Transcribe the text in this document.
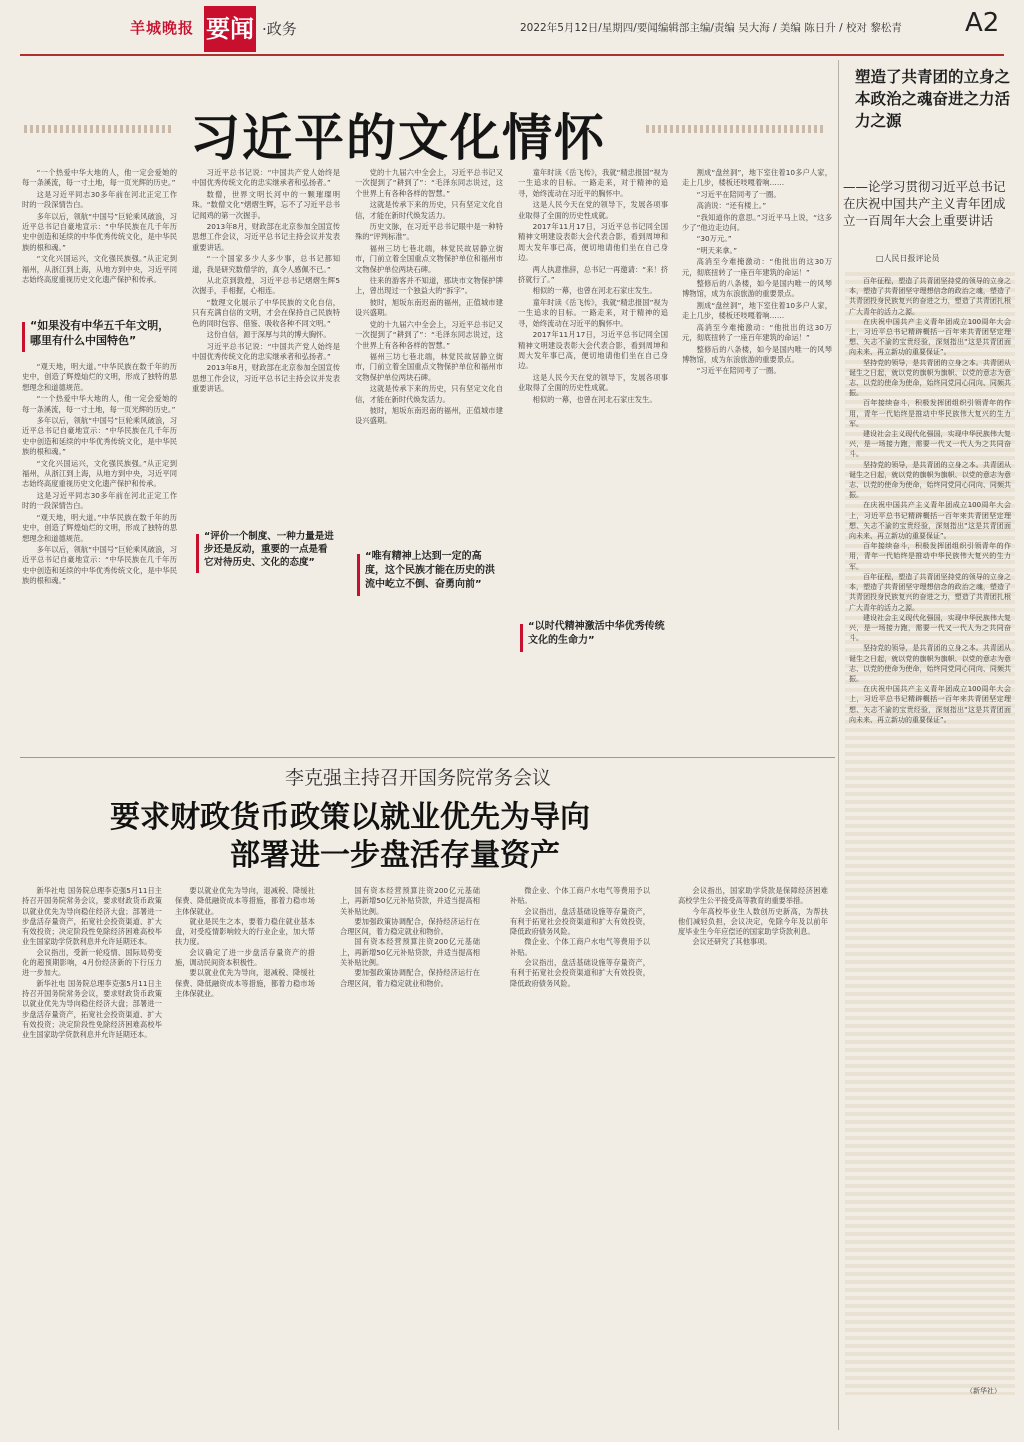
羊城晚报 要闻 ·政务	2022年5月12日/星期四/要闻编辑部主编/责编 吴大海 / 美编 陈日升 / 校对 黎松青 A2
习近平的文化情怀

“一个热爱中华大地的人，他一定会爱她的每一条溪流，每一寸土地，每一页光辉的历史。”

这是习近平同志30多年前在河北正定工作时的一段深情告白。

多年以后，领航“中国号”巨轮乘风破浪，习近平总书记自豪地宣示：“中华民族在几千年历史中创造和延续的中华优秀传统文化，是中华民族的根和魂。”

“文化兴国运兴，文化强民族强。”从正定到福州，从浙江到上海，从地方到中央，习近平同志始终高度重视历史文化遗产保护和传承。

“如果没有中华五千年文明，哪里有什么中国特色”

“观天地，明大道。”中华民族在数千年的历史中，创造了辉煌灿烂的文明，形成了独特的思想理念和道德规范。

“一个热爱中华大地的人，他一定会爱她的每一条溪流，每一寸土地，每一页光辉的历史。”

多年以后，领航“中国号”巨轮乘风破浪，习近平总书记自豪地宣示：“中华民族在几千年历史中创造和延续的中华优秀传统文化，是中华民族的根和魂。”

“文化兴国运兴，文化强民族强。”从正定到福州，从浙江到上海，从地方到中央，习近平同志始终高度重视历史文化遗产保护和传承。

这是习近平同志30多年前在河北正定工作时的一段深情告白。

“观天地，明大道。”中华民族在数千年的历史中，创造了辉煌灿烂的文明，形成了独特的思想理念和道德规范。

多年以后，领航“中国号”巨轮乘风破浪，习近平总书记自豪地宣示：“中华民族在几千年历史中创造和延续的中华优秀传统文化，是中华民族的根和魂。”

习近平总书记说：“中国共产党人始终是中国优秀传统文化的忠实继承者和弘扬者。”

数僧，世界文明长河中的一颗璀璨明珠。“数僧文化”熠熠生辉，忘不了习近平总书记闻鸡的第一次握手。

2013年8月，财政部在北京参加全国宣传思想工作会议，习近平总书记主持会议并发表重要讲话。

“一个国家多少人多少事，总书记都知道，我是研究数僧学的，真令人感佩不已。”

从北京到敦煌，习近平总书记熠熠生辉5次握手，手相握，心相连。

“数理文化展示了中华民族的文化自信，只有充满自信的文明，才会在保持自己民族特色的同时包容、借鉴、吸收各种不同文明。”

这份自信，源于深厚与共的博大胸怀。

习近平总书记说：“中国共产党人始终是中国优秀传统文化的忠实继承者和弘扬者。”

2013年8月，财政部在北京参加全国宣传思想工作会议，习近平总书记主持会议并发表重要讲话。

“评价一个制度、一种力量是进步还是反动，重要的一点是看它对待历史、文化的态度”

党的十九届六中全会上，习近平总书记又一次提到了“耕到了”：“毛泽东同志说过，这个世界上有各种各样的智慧。”

这就是传承下来的历史，只有坚定文化自信，才能在新时代焕发活力。

历史文脉，在习近平总书记眼中是一种特殊的“评判标准”。

福州三坊七巷北端，林觉民故居静立街市，门前立着全国重点文物保护单位和福州市文物保护单位两块石碑。

往来的游客并不知道，那块市文物保护牌上，曾出现过一个独益大的“拆字”。

彼时，旭坂东南迟南的福州，正值城市建设兴盛期。

党的十九届六中全会上，习近平总书记又一次提到了“耕到了”：“毛泽东同志说过，这个世界上有各种各样的智慧。”

福州三坊七巷北端，林觉民故居静立街市，门前立着全国重点文物保护单位和福州市文物保护单位两块石碑。

这就是传承下来的历史，只有坚定文化自信，才能在新时代焕发活力。

彼时，旭坂东南迟南的福州，正值城市建设兴盛期。

“唯有精神上达到一定的高度，这个民族才能在历史的洪流中屹立不倒、奋勇向前”

童年时读《岳飞传》，我就“精忠报国”视为一生追求的目标。一路走来，对于精神的追寻，始终流动在习近平的胸怀中。

这是人民今天在党的领导下，发展各项事业取得了全面的历史性成就。

2017年11月17日，习近平总书记同全国精神文明建设表彰大会代表合影，看到周坤和周大发年事已高，便切地请他们坐在自己身边。

两人执意推辞，总书记一再邀请：“来！挤挤就行了。”

相似的一幕，也曾在河北石家庄发生。

童年时读《岳飞传》，我就“精忠报国”视为一生追求的目标。一路走来，对于精神的追寻，始终流动在习近平的胸怀中。

2017年11月17日，习近平总书记同全国精神文明建设表彰大会代表合影，看到周坤和周大发年事已高，便切地请他们坐在自己身边。

这是人民今天在党的领导下，发展各项事业取得了全面的历史性成就。

相似的一幕，也曾在河北石家庄发生。

“以时代精神激活中华优秀传统文化的生命力”

割成“盘丝洞”，地下室住着10多户人家，走上几步，楼板还吱嘎着响……

“习近平在陪同考了一圈。

高消说：“还有楼上。”

“我知道你的意思。”习近平马上说，“这多少了”他边走边问。

“30万元。”

“明天来拿。”

高消至今难掩激动：“他批出的这30万元，彻底扭转了一座百年建筑的命运！”

整修后的八条楼，如今是国内唯一的风琴博物馆，成为东浪旅游的重要景点。

割成“盘丝洞”，地下室住着10多户人家，走上几步，楼板还吱嘎着响……

高消至今难掩激动：“他批出的这30万元，彻底扭转了一座百年建筑的命运！”

整修后的八条楼，如今是国内唯一的风琴博物馆，成为东浪旅游的重要景点。

“习近平在陪同考了一圈。

塑造了共青团的立身之本政治之魂奋进之力活力之源
——论学习贯彻习近平总书记在庆祝中国共产主义青年团成立一百周年大会上重要讲话
□人民日报评论员

百年征程，塑造了共青团坚持党的领导的立身之本，塑造了共青团坚守理想信念的政治之魂，塑造了共青团投身民族复兴的奋进之力，塑造了共青团扎根广大青年的活力之源。

在庆祝中国共产主义青年团成立100周年大会上，习近平总书记精辟概括一百年来共青团坚定理想、矢志不渝的宝贵经验，深刻指出“这是共青团面向未来、再立新功的重要保证”。

坚持党的领导，是共青团的立身之本。共青团从诞生之日起，就以党的旗帜为旗帜、以党的意志为意志、以党的使命为使命，始终同党同心同向、同频共振。

百年接续奋斗，积极发挥团组织引领青年的作用，青年一代始终是推动中华民族伟大复兴的生力军。

建设社会主义现代化强国，实现中华民族伟大复兴，是一场接力跑，需要一代又一代人为之共同奋斗。

坚持党的领导，是共青团的立身之本。共青团从诞生之日起，就以党的旗帜为旗帜、以党的意志为意志、以党的使命为使命，始终同党同心同向、同频共振。

在庆祝中国共产主义青年团成立100周年大会上，习近平总书记精辟概括一百年来共青团坚定理想、矢志不渝的宝贵经验，深刻指出“这是共青团面向未来、再立新功的重要保证”。

百年接续奋斗，积极发挥团组织引领青年的作用，青年一代始终是推动中华民族伟大复兴的生力军。

百年征程，塑造了共青团坚持党的领导的立身之本，塑造了共青团坚守理想信念的政治之魂，塑造了共青团投身民族复兴的奋进之力，塑造了共青团扎根广大青年的活力之源。

建设社会主义现代化强国，实现中华民族伟大复兴，是一场接力跑，需要一代又一代人为之共同奋斗。

坚持党的领导，是共青团的立身之本。共青团从诞生之日起，就以党的旗帜为旗帜、以党的意志为意志、以党的使命为使命，始终同党同心同向、同频共振。

在庆祝中国共产主义青年团成立100周年大会上，习近平总书记精辟概括一百年来共青团坚定理想、矢志不渝的宝贵经验，深刻指出“这是共青团面向未来、再立新功的重要保证”。

（新华社）
李克强主持召开国务院常务会议
要求财政货币政策以就业优先为导向
部署进一步盘活存量资产

新华社电 国务院总理李克强5月11日主持召开国务院常务会议，要求财政货币政策以就业优先为导向稳住经济大盘；部署进一步盘活存量资产，拓宽社会投资渠道、扩大有效投资；决定阶段性免除经济困难高校毕业生国家助学贷款利息并允许延期还本。

会议指出，受新一轮疫情、国际局势变化的超预期影响，4月份经济新的下行压力进一步加大。

新华社电 国务院总理李克强5月11日主持召开国务院常务会议，要求财政货币政策以就业优先为导向稳住经济大盘；部署进一步盘活存量资产，拓宽社会投资渠道、扩大有效投资；决定阶段性免除经济困难高校毕业生国家助学贷款利息并允许延期还本。

要以就业优先为导向，退减税、降缓社保费、降低融资成本等措施，都着力稳市场主体保就业。

就业是民生之本，要着力稳住就业基本盘，对受疫情影响较大的行业企业，加大帮扶力度。

会议确定了进一步盘活存量资产的措施，调动民间资本积极性。

要以就业优先为导向，退减税、降缓社保费、降低融资成本等措施，都着力稳市场主体保就业。

国有资本经营预算注资200亿元基础上，再新增50亿元补贴贷款，并适当提高相关补贴比例。

要加强政策协调配合，保持经济运行在合理区间，着力稳定就业和物价。

国有资本经营预算注资200亿元基础上，再新增50亿元补贴贷款，并适当提高相关补贴比例。

要加强政策协调配合，保持经济运行在合理区间，着力稳定就业和物价。

微企业、个体工商户水电气等费用予以补贴。

会议指出，盘活基础设施等存量资产，有利于拓宽社会投资渠道和扩大有效投资，降低政府债务风险。

微企业、个体工商户水电气等费用予以补贴。

会议指出，盘活基础设施等存量资产，有利于拓宽社会投资渠道和扩大有效投资，降低政府债务风险。

会议指出，国家助学贷款是保障经济困难高校学生公平接受高等教育的重要举措。

今年高校毕业生人数创历史新高，为帮扶他们减轻负担，会议决定，免除今年及以前年度毕业生今年应偿还的国家助学贷款利息。

会议还研究了其他事项。
